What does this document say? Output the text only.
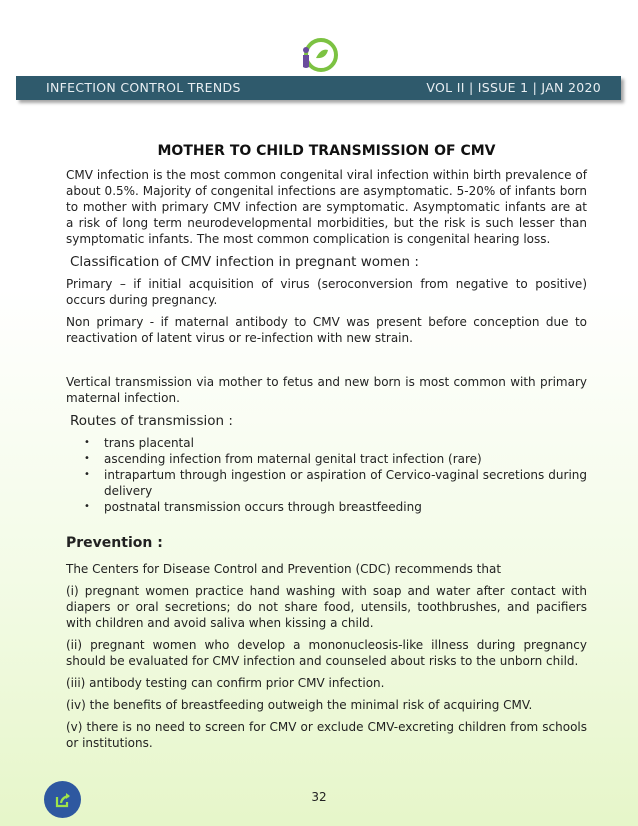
INFECTION CONTROL TRENDS	VOL II | ISSUE 1 | JAN 2020
MOTHER TO CHILD TRANSMISSION OF CMV

CMV infection is the most common congenital viral infection within birth prevalence of about 0.5%. Majority of congenital infections are asymptomatic. 5-20% of infants born to mother with primary CMV infection are symptomatic. Asymptomatic infants are at a risk of long term neurodevelopmental morbidities, but the risk is such lesser than symptomatic infants. The most common complication is congenital hearing loss.

Classification of CMV infection in pregnant women :

Primary – if initial acquisition of virus (seroconversion from negative to positive) occurs during pregnancy.

Non primary - if maternal antibody to CMV was present before conception due to reactivation of latent virus or re-infection with new strain.

Vertical transmission via mother to fetus and new born is most common with primary maternal infection.

Routes of transmission :
• trans placental
• ascending infection from maternal genital tract infection (rare)
• intrapartum through ingestion or aspiration of Cervico-vaginal secretions during delivery
• postnatal transmission occurs through breastfeeding
Prevention :

The Centers for Disease Control and Prevention (CDC) recommends that

(i) pregnant women practice hand washing with soap and water after contact with diapers or oral secretions; do not share food, utensils, toothbrushes, and pacifiers with children and avoid saliva when kissing a child.

(ii) pregnant women who develop a mononucleosis-like illness during pregnancy should be evaluated for CMV infection and counseled about risks to the unborn child.

(iii) antibody testing can confirm prior CMV infection.

(iv) the benefits of breastfeeding outweigh the minimal risk of acquiring CMV.

(v) there is no need to screen for CMV or exclude CMV-excreting children from schools or institutions.

32
